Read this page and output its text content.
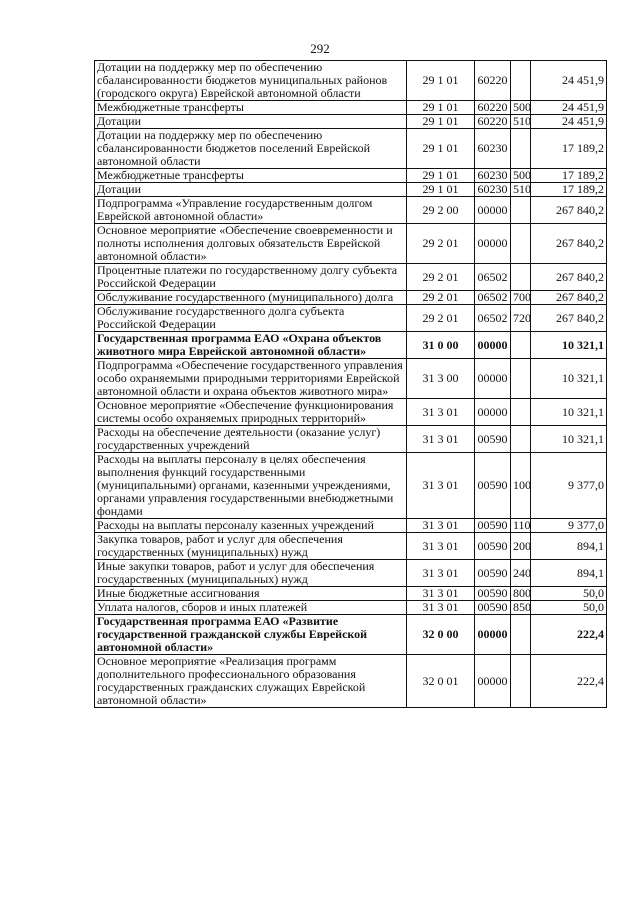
292
Дотации на поддержку мер по обеспечению сбалансированности бюджетов муниципальных районов (городского округа) Еврейской автономной области	29 1 01	60220		24 451,9
Межбюджетные трансферты	29 1 01	60220	500	24 451,9
Дотации	29 1 01	60220	510	24 451,9
Дотации на поддержку мер по обеспечению сбалансированности бюджетов поселений Еврейской автономной области	29 1 01	60230		17 189,2
Межбюджетные трансферты	29 1 01	60230	500	17 189,2
Дотации	29 1 01	60230	510	17 189,2
Подпрограмма «Управление государственным долгом Еврейской автономной области»	29 2 00	00000		267 840,2
Основное мероприятие «Обеспечение своевременности и полноты исполнения долговых обязательств Еврейской автономной области»	29 2 01	00000		267 840,2
Процентные платежи по государственному долгу субъекта Российской Федерации	29 2 01	06502		267 840,2
Обслуживание государственного (муниципального) долга	29 2 01	06502	700	267 840,2
Обслуживание государственного долга субъекта Российской Федерации	29 2 01	06502	720	267 840,2
Государственная программа ЕАО «Охрана объектов животного мира Еврейской автономной области»	31 0 00	00000		10 321,1
Подпрограмма «Обеспечение государственного управления особо охраняемыми природными территориями Еврейской автономной области и охрана объектов животного мира»	31 3 00	00000		10 321,1
Основное мероприятие «Обеспечение функционирования системы особо охраняемых природных территорий»	31 3 01	00000		10 321,1
Расходы на обеспечение деятельности (оказание услуг) государственных учреждений	31 3 01	00590		10 321,1
Расходы на выплаты персоналу в целях обеспечения выполнения функций государственными (муниципальными) органами, казенными учреждениями, органами управления государственными внебюджетными фондами	31 3 01	00590	100	9 377,0
Расходы на выплаты персоналу казенных учреждений	31 3 01	00590	110	9 377,0
Закупка товаров, работ и услуг для обеспечения государственных (муниципальных) нужд	31 3 01	00590	200	894,1
Иные закупки товаров, работ и услуг для обеспечения государственных (муниципальных) нужд	31 3 01	00590	240	894,1
Иные бюджетные ассигнования	31 3 01	00590	800	50,0
Уплата налогов, сборов и иных платежей	31 3 01	00590	850	50,0
Государственная программа ЕАО «Развитие государственной гражданской службы Еврейской автономной области»	32 0 00	00000		222,4
Основное мероприятие «Реализация программ дополнительного профессионального образования государственных гражданских служащих Еврейской автономной области»	32 0 01	00000		222,4
